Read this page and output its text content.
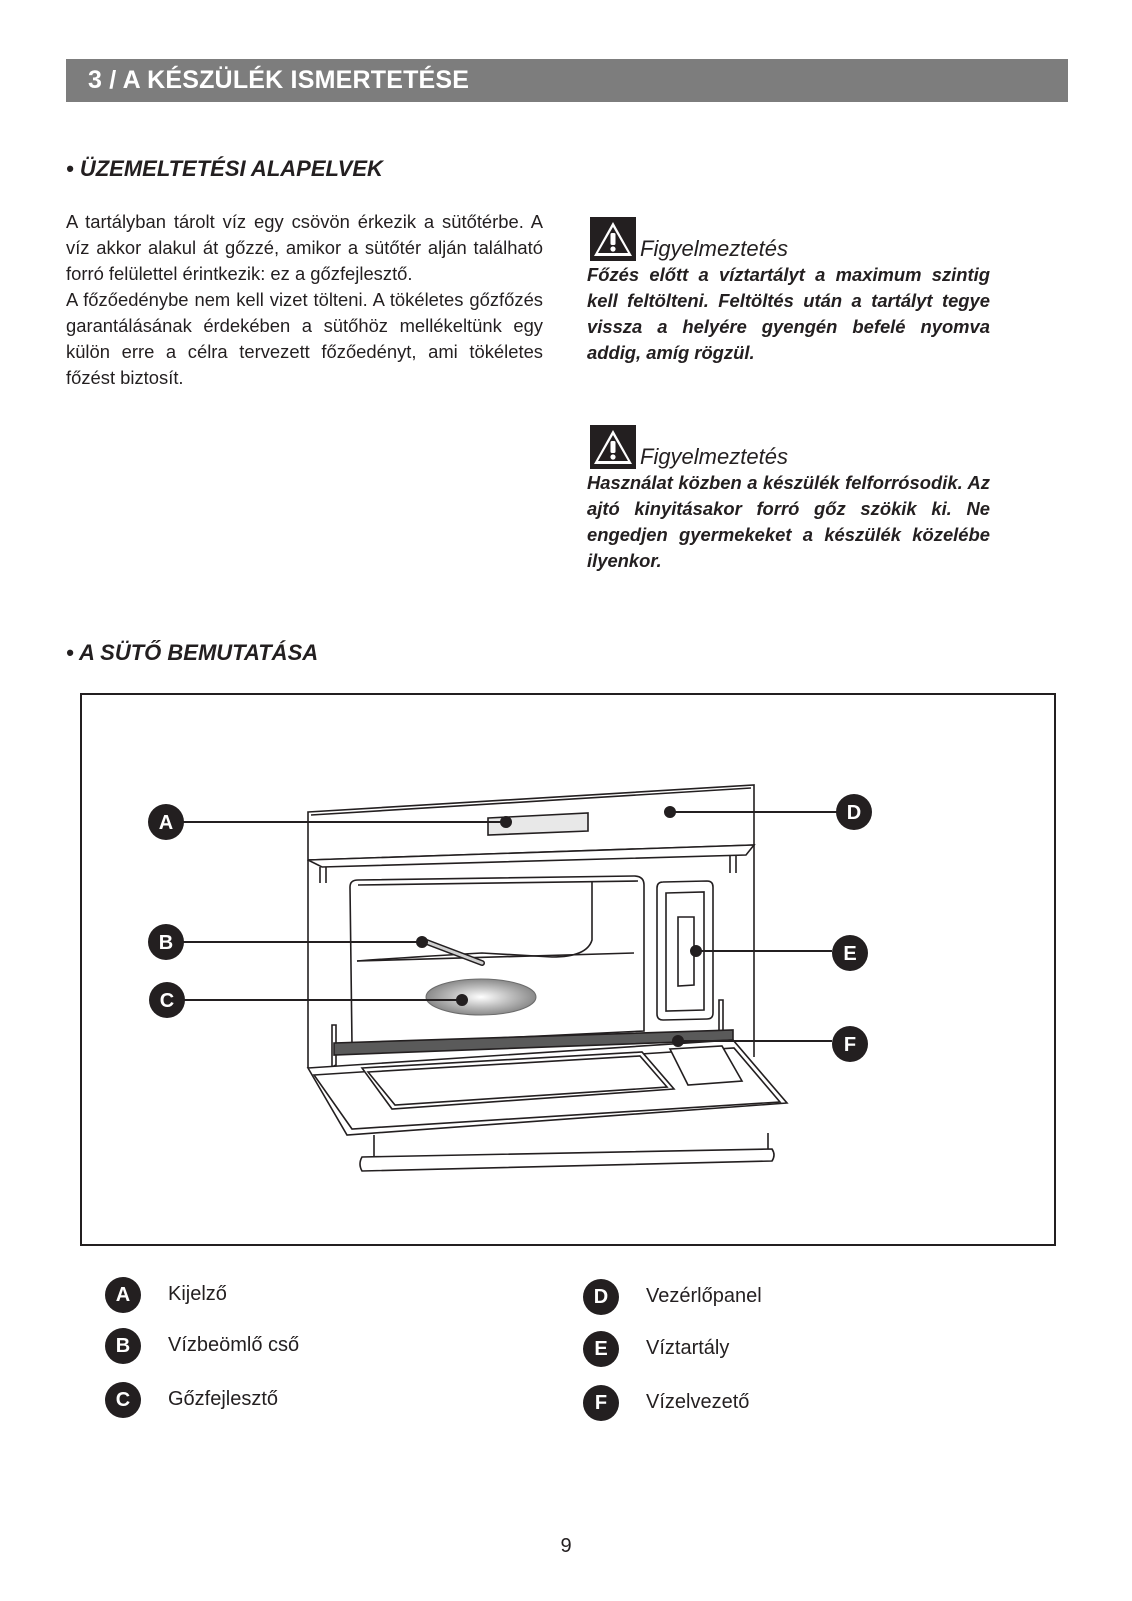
3 / A KÉSZÜLÉK ISMERTETÉSE
• ÜZEMELTETÉSI ALAPELVEK

A tartályban tárolt víz egy csövön érkezik a sütőtérbe. A víz akkor alakul át gőzzé, amikor a sütőtér alján található forró felülettel érintkezik: ez a gőzfejlesztő.

A főzőedénybe nem kell vizet tölteni. A tökéletes gőzfőzés garantálásának érdekében a sütőhöz mellékeltünk egy külön erre a célra tervezett főzőedényt, ami tökéletes főzést biztosít.

Figyelmeztetés

Főzés előtt a víztartályt a maximum szintig kell feltölteni. Feltöltés után a tartályt tegye vissza a helyére gyengén befelé nyomva addig, amíg rögzül.

Figyelmeztetés

Használat közben a készülék felforrósodik. Az ajtó kinyitásakor forró gőz szökik ki. Ne engedjen gyermekeket a készülék közelébe ilyenkor.

• A SÜTŐ BEMUTATÁSA
A
B
C
D
E
F
A	Kijelző
B	Vízbeömlő cső
C	Gőzfejlesztő
D	Vezérlőpanel
E	Víztartály
F	Vízelvezető
9
